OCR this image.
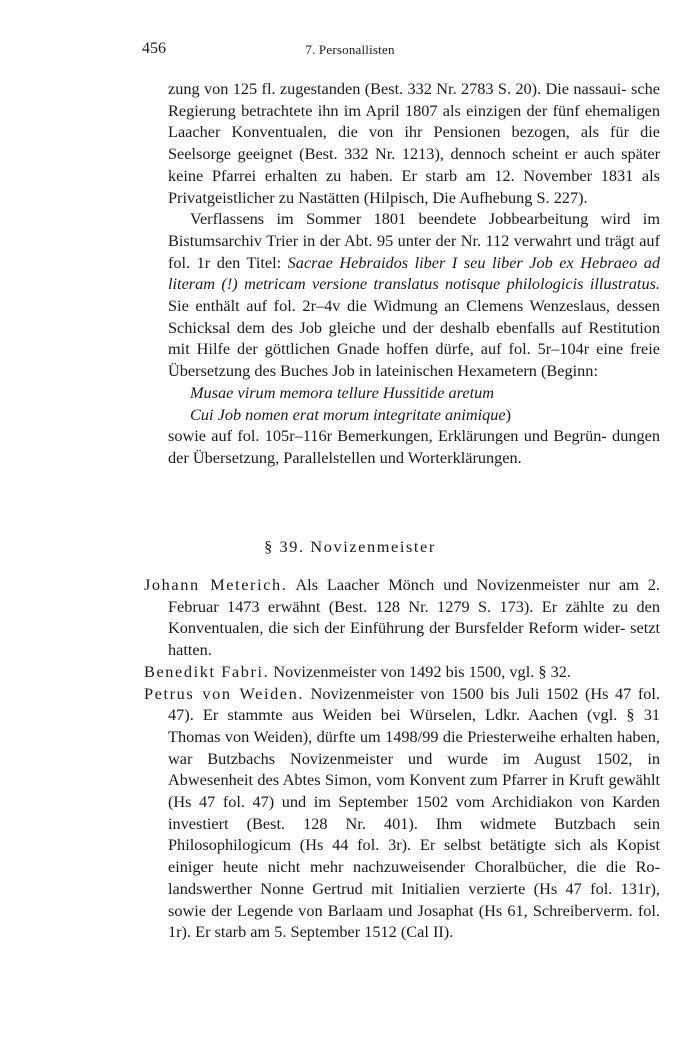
456	7. Personallisten

zung von 125 fl. zugestanden (Best. 332 Nr. 2783 S. 20). Die nassaui- sche Regierung betrachtete ihn im April 1807 als einzigen der fünf ehemaligen Laacher Konventualen, die von ihr Pensionen bezogen, als für die Seelsorge geeignet (Best. 332 Nr. 1213), dennoch scheint er auch später keine Pfarrei erhalten zu haben. Er starb am 12. November 1831 als Privatgeistlicher zu Nastätten (Hilpisch, Die Aufhebung S. 227).

Verflassens im Sommer 1801 beendete Jobbearbeitung wird im Bistumsarchiv Trier in der Abt. 95 unter der Nr. 112 verwahrt und trägt auf fol. 1r den Titel: Sacrae Hebraidos liber I seu liber Job ex Hebraeo ad literam (!) metricam versione translatus notisque philologicis illustratus. Sie enthält auf fol. 2r–4v die Widmung an Clemens Wenzeslaus, dessen Schicksal dem des Job gleiche und der deshalb ebenfalls auf Restitution mit Hilfe der göttlichen Gnade hoffen dürfe, auf fol. 5r–104r eine freie Übersetzung des Buches Job in lateinischen Hexametern (Beginn:

Musae virum memora tellure Hussitide aretum

Cui Job nomen erat morum integritate animique)

sowie auf fol. 105r–116r Bemerkungen, Erklärungen und Begrün- dungen der Übersetzung, Parallelstellen und Worterklärungen.

§ 39. Novizenmeister

Johann Meterich. Als Laacher Mönch und Novizenmeister nur am 2. Februar 1473 erwähnt (Best. 128 Nr. 1279 S. 173). Er zählte zu den Konventualen, die sich der Einführung der Bursfelder Reform wider- setzt hatten.

Benedikt Fabri. Novizenmeister von 1492 bis 1500, vgl. § 32.

Petrus von Weiden. Novizenmeister von 1500 bis Juli 1502 (Hs 47 fol. 47). Er stammte aus Weiden bei Würselen, Ldkr. Aachen (vgl. § 31 Thomas von Weiden), dürfte um 1498/99 die Priesterweihe erhalten haben, war Butzbachs Novizenmeister und wurde im August 1502, in Abwesenheit des Abtes Simon, vom Konvent zum Pfarrer in Kruft gewählt (Hs 47 fol. 47) und im September 1502 vom Archidiakon von Karden investiert (Best. 128 Nr. 401). Ihm widmete Butzbach sein Philosophilogicum (Hs 44 fol. 3r). Er selbst betätigte sich als Kopist einiger heute nicht mehr nachzuweisender Choralbücher, die die Ro- landswerther Nonne Gertrud mit Initialien verzierte (Hs 47 fol. 131r), sowie der Legende von Barlaam und Josaphat (Hs 61, Schreiberverm. fol. 1r). Er starb am 5. September 1512 (Cal II).
